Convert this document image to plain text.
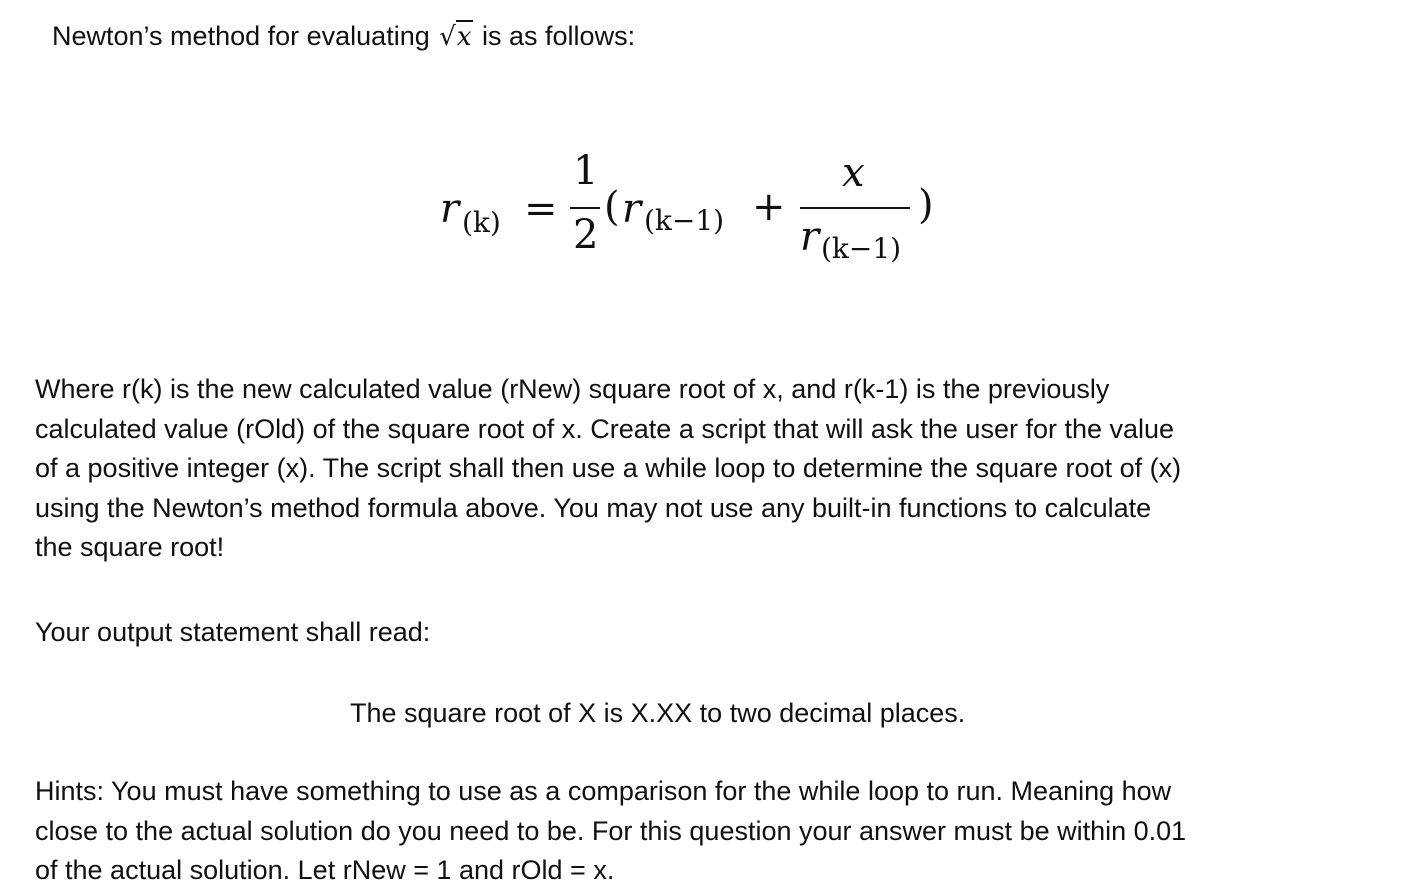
Newton’s method for evaluating √x is as follows:
r (k) =
1
2
( r (k−1) +
x
r (k−1)
)
Where r(k) is the new calculated value (rNew) square root of x, and r(k-1) is the previously
calculated value (rOld) of the square root of x. Create a script that will ask the user for the value
of a positive integer (x). The script shall then use a while loop to determine the square root of (x)
using the Newton’s method formula above. You may not use any built-in functions to calculate
the square root!
Your output statement shall read:
The square root of X is X.XX to two decimal places.
Hints: You must have something to use as a comparison for the while loop to run. Meaning how
close to the actual solution do you need to be. For this question your answer must be within 0.01
of the actual solution. Let rNew = 1 and rOld = x.
